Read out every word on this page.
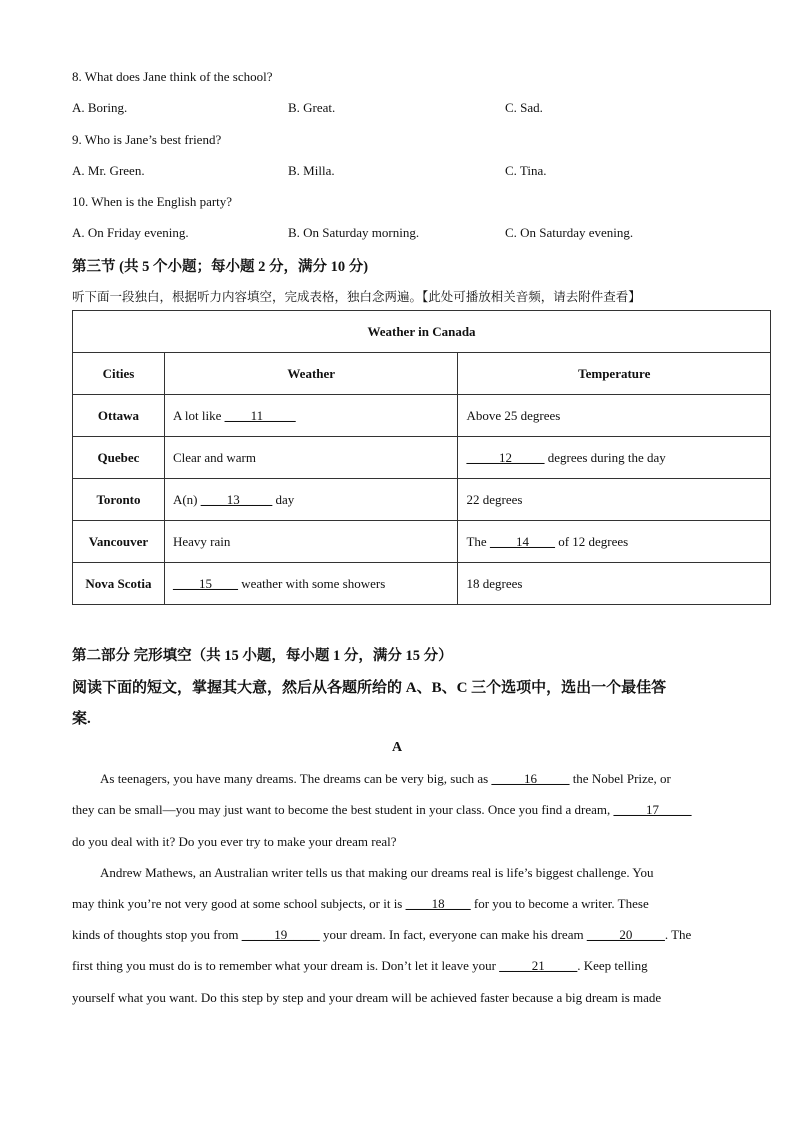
8. What does Jane think of the school?
A. Boring.	B. Great.	C. Sad.
9. Who is Jane’s best friend?
A. Mr. Green.	B. Milla.	C. Tina.
10. When is the English party?
A. On Friday evening.	B. On Saturday morning.	C. On Saturday evening.
第三节 (共 5 个小题；每小题 2 分，满分 10 分)
听下面一段独白，根据听力内容填空，完成表格，独白念两遍。【此处可播放相关音频，请去附件查看】
Weather in Canada		
Cities	Weather	Temperature
Ottawa	A lot like ____11_____	Above 25 degrees
Quebec	Clear and warm	_____12_____ degrees during the day
Toronto	A(n) ____13_____ day	22 degrees
Vancouver	Heavy rain	The ____14____ of 12 degrees
Nova Scotia	____15____ weather with some showers	18 degrees
第二部分 完形填空（共 15 小题，每小题 1 分，满分 15 分）
阅读下面的短文，掌握其大意，然后从各题所给的 A、B、C 三个选项中，选出一个最佳答
案.
A
As teenagers, you have many dreams. The dreams can be very big, such as _____16_____ the Nobel Prize, or
they can be small—you may just want to become the best student in your class. Once you find a dream, _____17_____
do you deal with it? Do you ever try to make your dream real?
Andrew Mathews, an Australian writer tells us that making our dreams real is life’s biggest challenge. You
may think you’re not very good at some school subjects, or it is ____18____ for you to become a writer. These
kinds of thoughts stop you from _____19_____ your dream. In fact, everyone can make his dream _____20_____. The
first thing you must do is to remember what your dream is. Don’t let it leave your _____21_____. Keep telling
yourself what you want. Do this step by step and your dream will be achieved faster because a big dream is made
